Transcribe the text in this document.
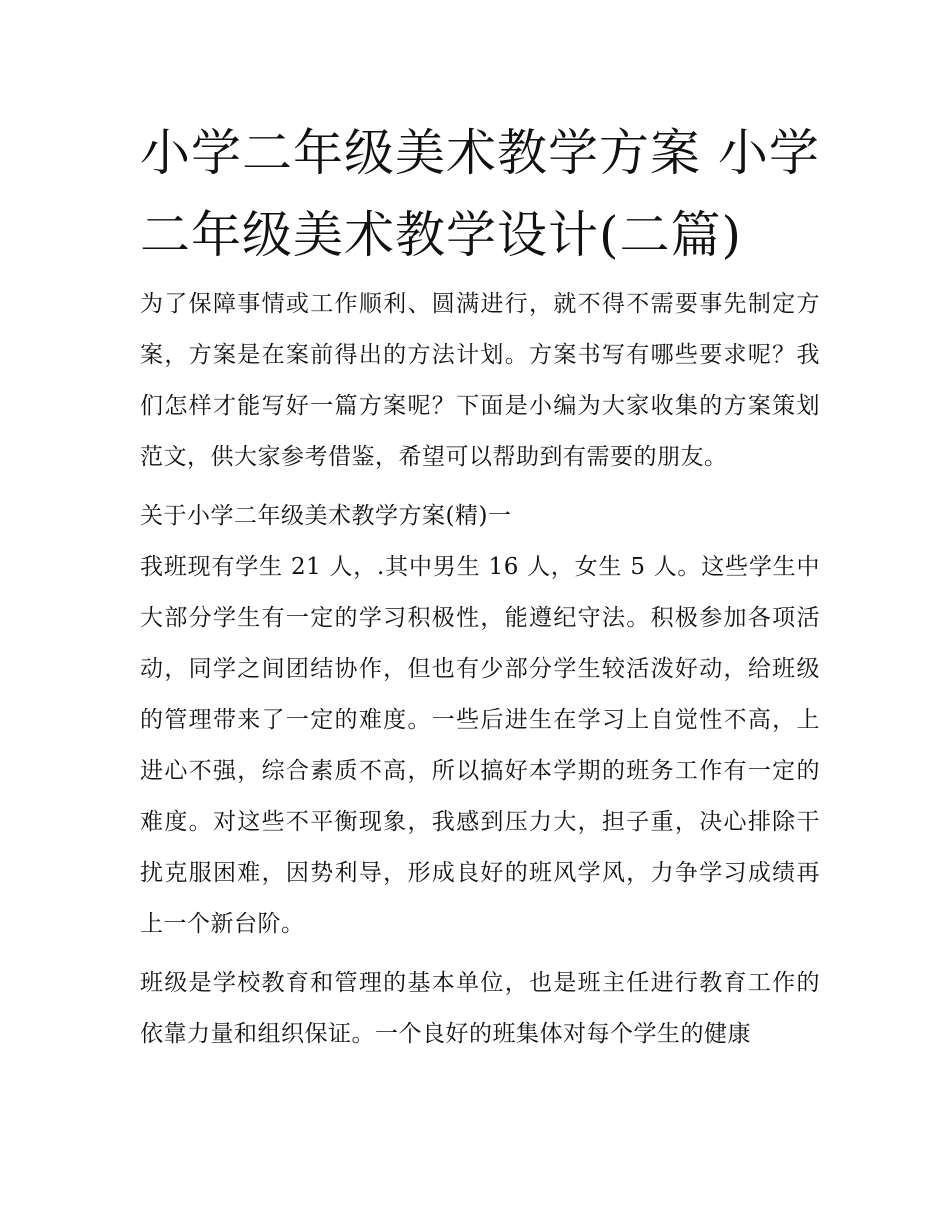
小学二年级美术教学方案 小学二年级美术教学设计(二篇)

为了保障事情或工作顺利、圆满进行，就不得不需要事先制定方案，方案是在案前得出的方法计划。方案书写有哪些要求呢？我们怎样才能写好一篇方案呢？下面是小编为大家收集的方案策划范文，供大家参考借鉴，希望可以帮助到有需要的朋友。

关于小学二年级美术教学方案(精)一

我班现有学生 21 人，.其中男生 16 人，女生 5 人。这些学生中大部分学生有一定的学习积极性，能遵纪守法。积极参加各项活动，同学之间团结协作，但也有少部分学生较活泼好动，给班级的管理带来了一定的难度。一些后进生在学习上自觉性不高，上进心不强，综合素质不高，所以搞好本学期的班务工作有一定的难度。对这些不平衡现象，我感到压力大，担子重，决心排除干扰克服困难，因势利导，形成良好的班风学风，力争学习成绩再上一个新台阶。

班级是学校教育和管理的基本单位，也是班主任进行教育工作的依靠力量和组织保证。一个良好的班集体对每个学生的健康
